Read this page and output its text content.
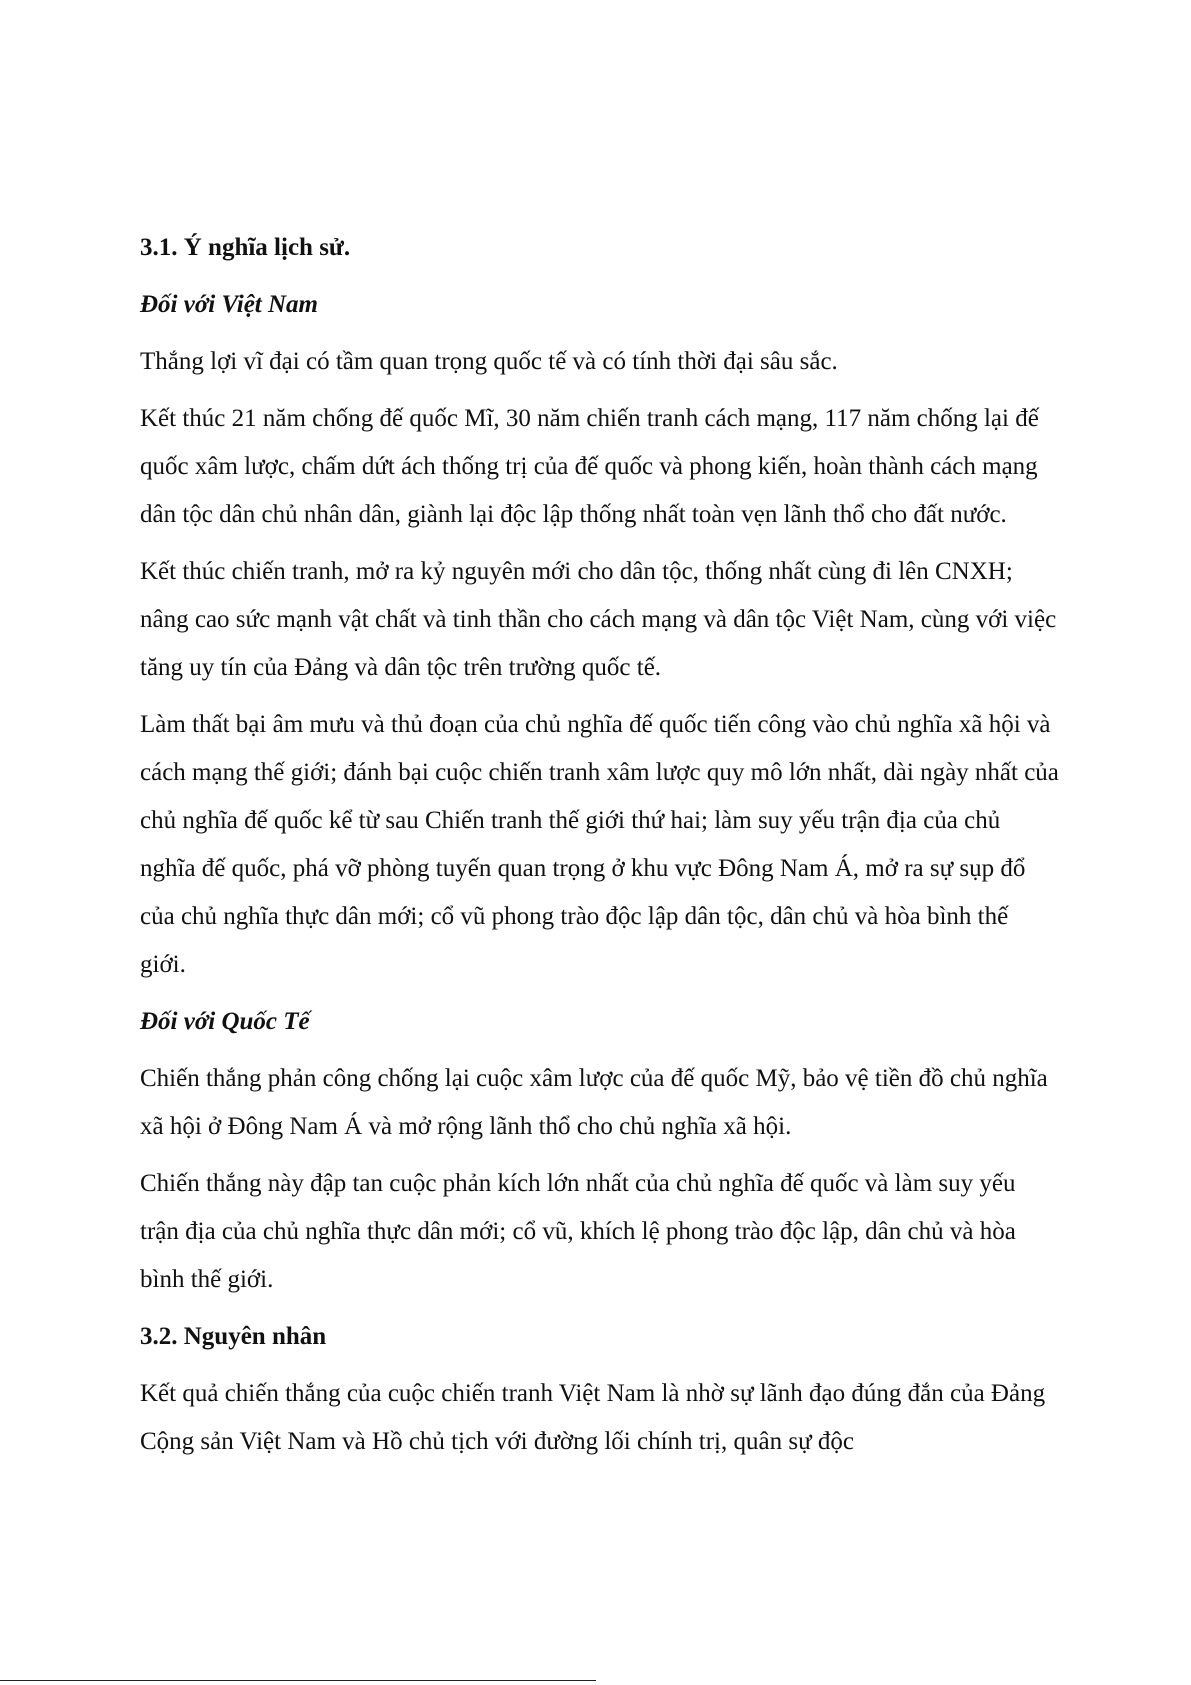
3.1. Ý nghĩa lịch sử.
Đối với Việt Nam

Thắng lợi vĩ đại có tầm quan trọng quốc tế và có tính thời đại sâu sắc.

Kết thúc 21 năm chống đế quốc Mĩ, 30 năm chiến tranh cách mạng, 117 năm chống lại đế quốc xâm lược, chấm dứt ách thống trị của đế quốc và phong kiến, hoàn thành cách mạng dân tộc dân chủ nhân dân, giành lại độc lập thống nhất toàn vẹn lãnh thổ cho đất nước.

Kết thúc chiến tranh, mở ra kỷ nguyên mới cho dân tộc, thống nhất cùng đi lên CNXH; nâng cao sức mạnh vật chất và tinh thần cho cách mạng và dân tộc Việt Nam, cùng với việc tăng uy tín của Đảng và dân tộc trên trường quốc tế.

Làm thất bại âm mưu và thủ đoạn của chủ nghĩa đế quốc tiến công vào chủ nghĩa xã hội và cách mạng thế giới; đánh bại cuộc chiến tranh xâm lược quy mô lớn nhất, dài ngày nhất của chủ nghĩa đế quốc kể từ sau Chiến tranh thế giới thứ hai; làm suy yếu trận địa của chủ nghĩa đế quốc, phá vỡ phòng tuyến quan trọng ở khu vực Đông Nam Á, mở ra sự sụp đổ của chủ nghĩa thực dân mới; cổ vũ phong trào độc lập dân tộc, dân chủ và hòa bình thế giới.

Đối với Quốc Tế

Chiến thắng phản công chống lại cuộc xâm lược của đế quốc Mỹ, bảo vệ tiền đồ chủ nghĩa xã hội ở Đông Nam Á và mở rộng lãnh thổ cho chủ nghĩa xã hội.

Chiến thắng này đập tan cuộc phản kích lớn nhất của chủ nghĩa đế quốc và làm suy yếu trận địa của chủ nghĩa thực dân mới; cổ vũ, khích lệ phong trào độc lập, dân chủ và hòa bình thế giới.

3.2. Nguyên nhân

Kết quả chiến thắng của cuộc chiến tranh Việt Nam là nhờ sự lãnh đạo đúng đắn của Đảng Cộng sản Việt Nam và Hồ chủ tịch với đường lối chính trị, quân sự độc
